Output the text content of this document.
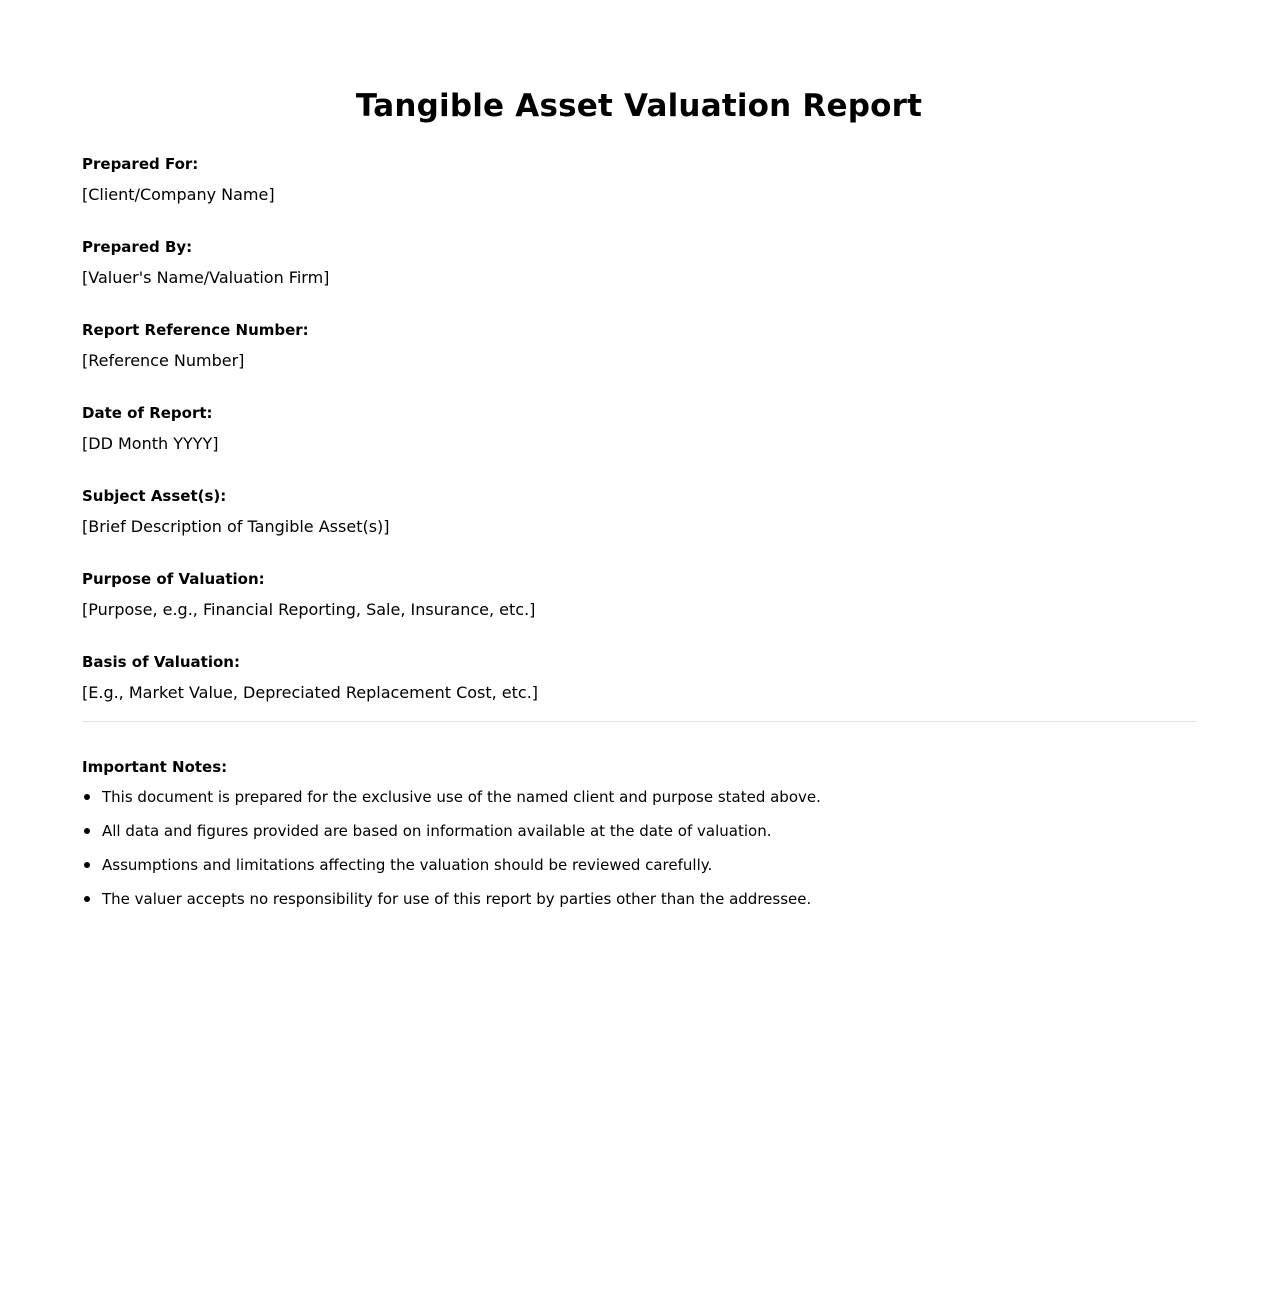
Tangible Asset Valuation Report
Prepared For:
[Client/Company Name]
Prepared By:
[Valuer's Name/Valuation Firm]
Report Reference Number:
[Reference Number]
Date of Report:
[DD Month YYYY]
Subject Asset(s):
[Brief Description of Tangible Asset(s)]
Purpose of Valuation:
[Purpose, e.g., Financial Reporting, Sale, Insurance, etc.]
Basis of Valuation:
[E.g., Market Value, Depreciated Replacement Cost, etc.]
Important Notes:
This document is prepared for the exclusive use of the named client and purpose stated above.
All data and figures provided are based on information available at the date of valuation.
Assumptions and limitations affecting the valuation should be reviewed carefully.
The valuer accepts no responsibility for use of this report by parties other than the addressee.
